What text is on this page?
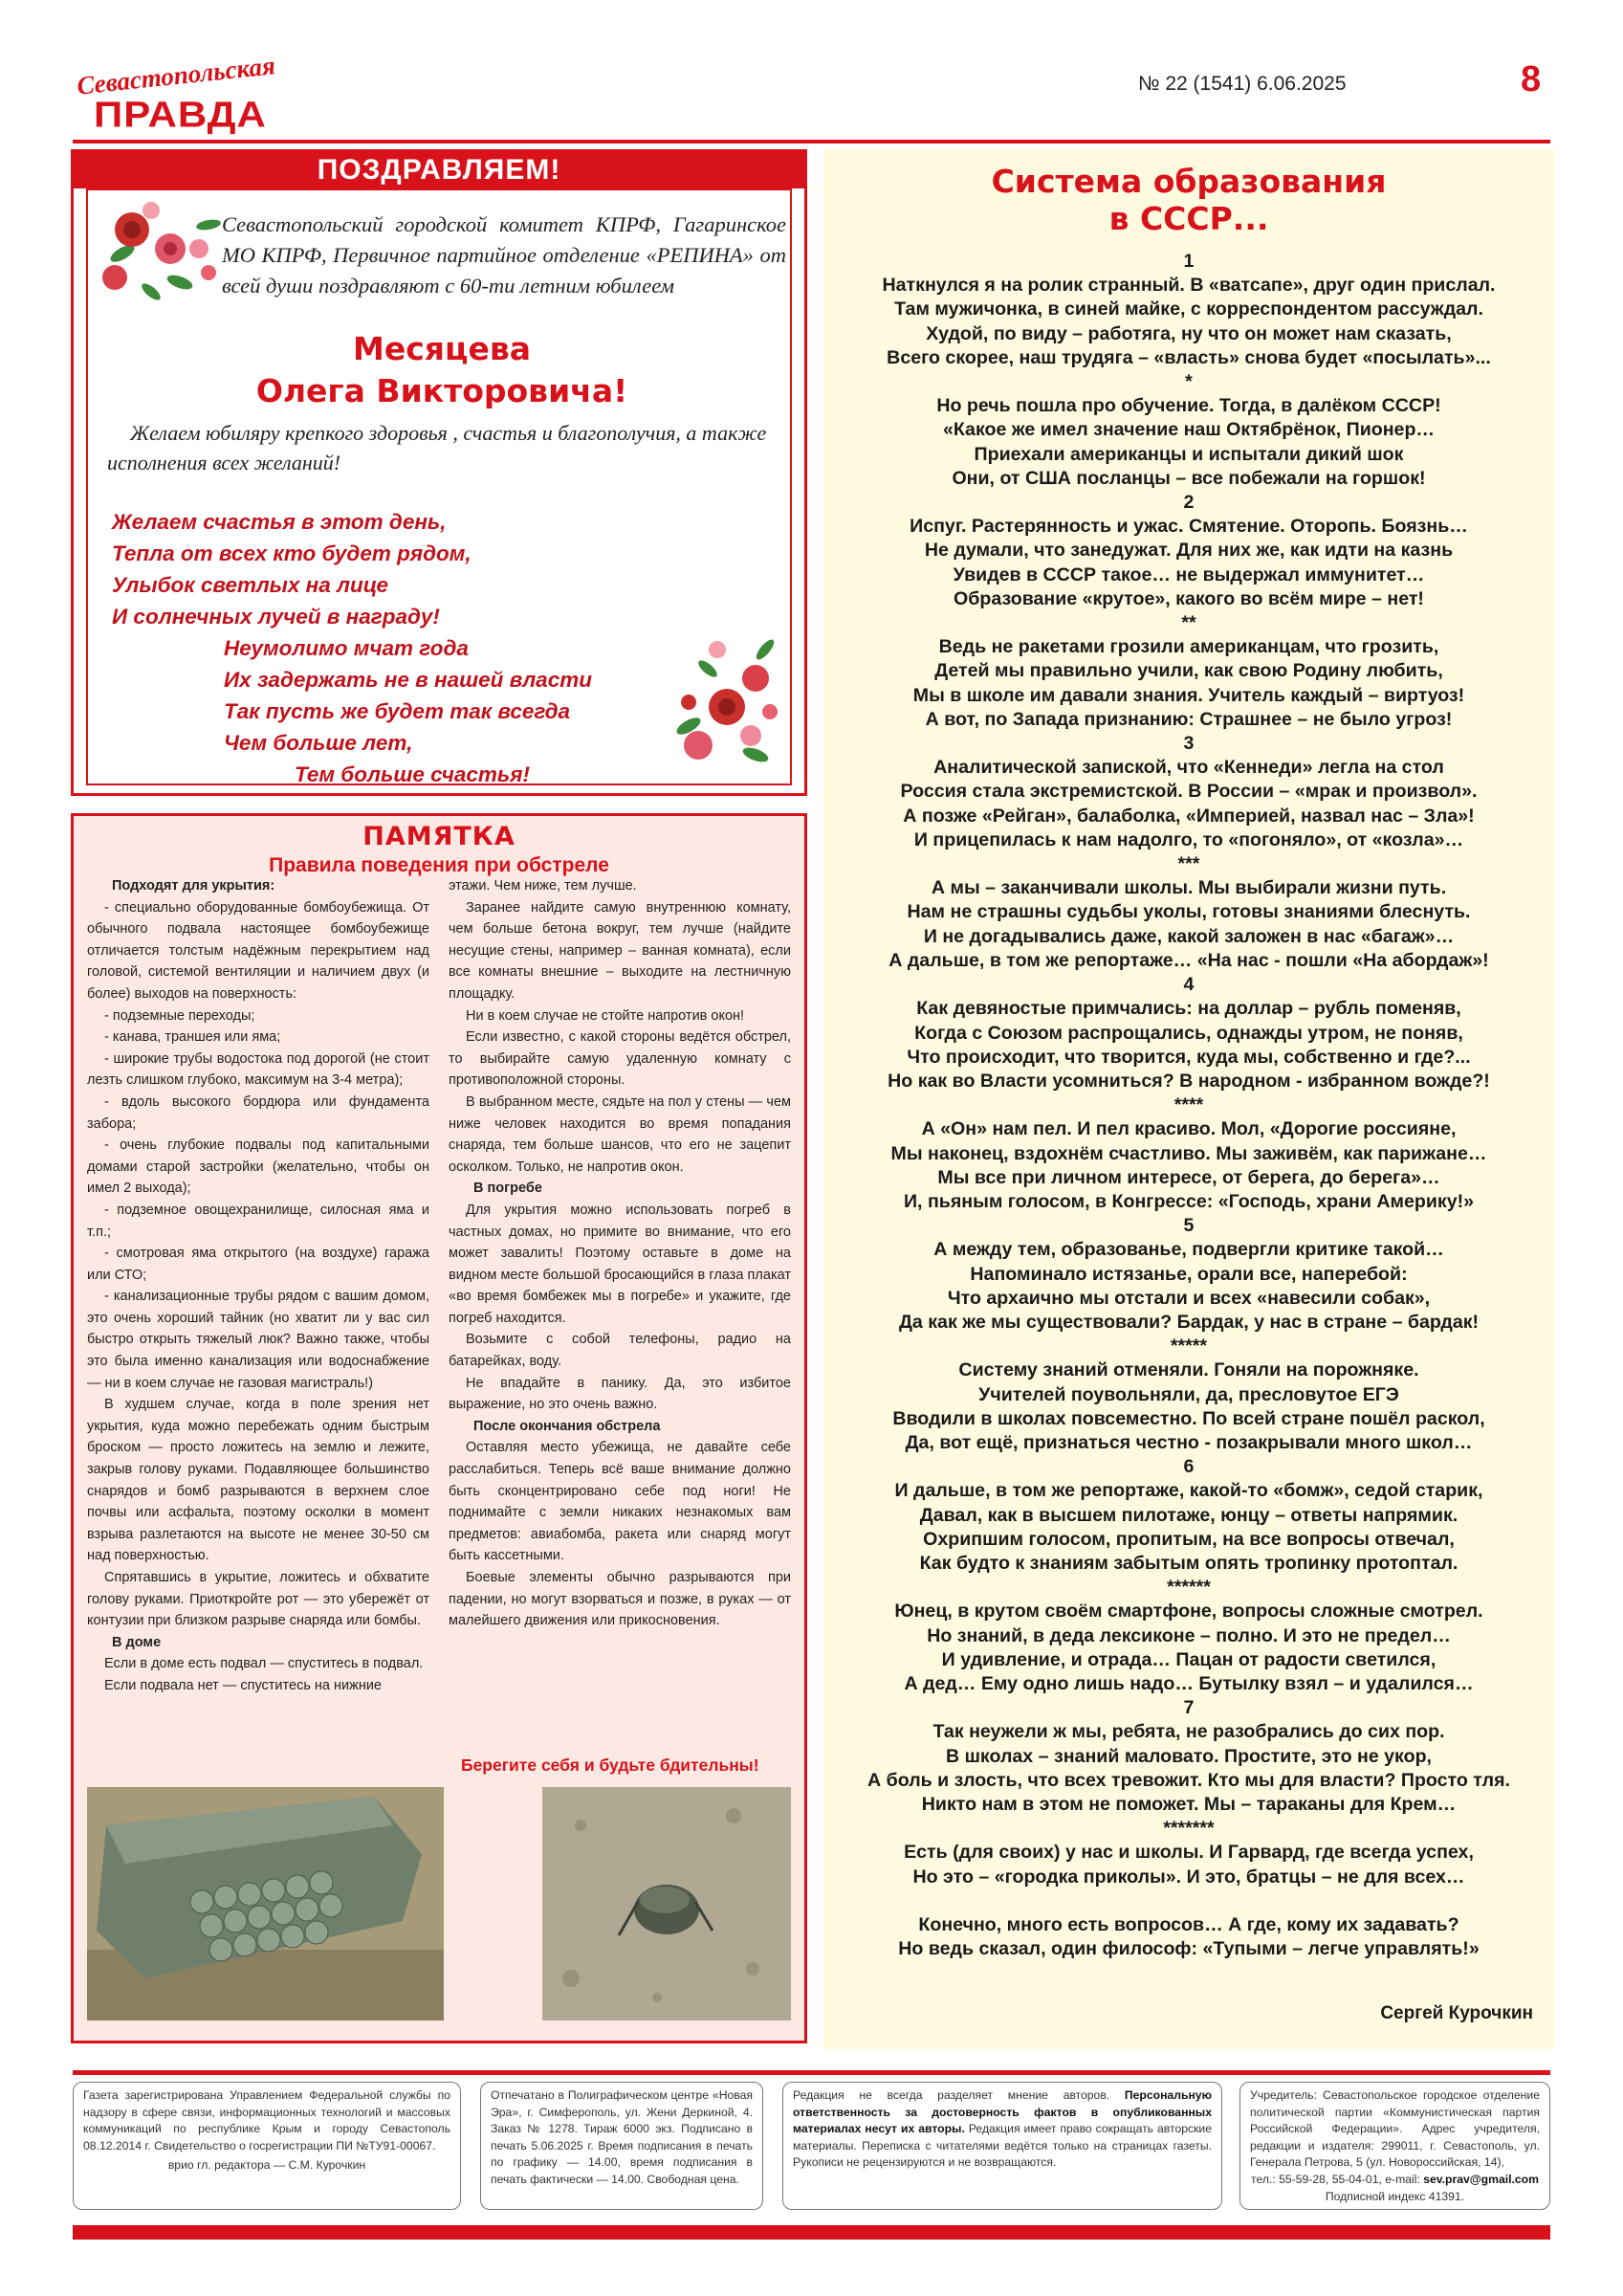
Севастопольская
ПРАВДА
№ 22 (1541) 6.06.2025	8
ПОЗДРАВЛЯЕМ!
Севастопольский городской комитет КПРФ, Гагаринское МО КПРФ, Первичное партийное отделение «РЕПИНА» от всей души поздравляют с 60-ти летним юбилеем
Месяцева
Олега Викторовича!
Желаем юбиляру крепкого здоровья , счастья и благополучия, а также исполнения всех желаний!
Желаем счастья в этот день,
Тепла от всех кто будет рядом,
Улыбок светлых на лице
И солнечных лучей в награду!
Неумолимо мчат года
Их задержать не в нашей власти
Так пусть же будет так всегда
Чем больше лет,
Тем больше счастья!
ПАМЯТКА
Правила поведения при обстреле

Подходят для укрытия:

- специально оборудованные бомбоубежища. От обычного подвала настоящее бомбоубежище отличается толстым надёжным перекрытием над головой, системой вентиляции и наличием двух (и более) выходов на поверхность:

- подземные переходы;

- канава, траншея или яма;

- широкие трубы водостока под дорогой (не стоит лезть слишком глубоко, максимум на 3-4 метра);

- вдоль высокого бордюра или фундамента забора;

- очень глубокие подвалы под капитальными домами старой застройки (желательно, чтобы он имел 2 выхода);

- подземное овощехранилище, силосная яма и т.п.;

- смотровая яма открытого (на воздухе) гаража или СТО;

- канализационные трубы рядом с вашим домом, это очень хороший тайник (но хватит ли у вас сил быстро открыть тяжелый люк? Важно также, чтобы это была именно канализация или водоснабжение — ни в коем случае не газовая магистраль!)

В худшем случае, когда в поле зрения нет укрытия, куда можно перебежать одним быстрым броском — просто ложитесь на землю и лежите, закрыв голову руками. Подавляющее большинство снарядов и бомб разрываются в верхнем слое почвы или асфальта, поэтому осколки в момент взрыва разлетаются на высоте не менее 30-50 см над поверхностью.

Спрятавшись в укрытие, ложитесь и обхватите голову руками. Приоткройте рот — это убережёт от контузии при близком разрыве снаряда или бомбы.

В доме

Если в доме есть подвал — спуститесь в подвал.

Если подвала нет — спуститесь на нижние

этажи. Чем ниже, тем лучше.

Заранее найдите самую внутреннюю комнату, чем больше бетона вокруг, тем лучше (найдите несущие стены, например – ванная комната), если все комнаты внешние – выходите на лестничную площадку.

Ни в коем случае не стойте напротив окон!

Если известно, с какой стороны ведётся обстрел, то выбирайте самую удаленную комнату с противоположной стороны.

В выбранном месте, сядьте на пол у стены — чем ниже человек находится во время попадания снаряда, тем больше шансов, что его не зацепит осколком. Только, не напротив окон.

В погребе

Для укрытия можно использовать погреб в частных домах, но примите во внимание, что его может завалить! Поэтому оставьте в доме на видном месте большой бросающийся в глаза плакат «во время бомбежек мы в погребе» и укажите, где погреб находится.

Возьмите с собой телефоны, радио на батарейках, воду.

Не впадайте в панику. Да, это избитое выражение, но это очень важно.

После окончания обстрела

Оставляя место убежища, не давайте себе расслабиться. Теперь всё ваше внимание должно быть сконцентрировано себе под ноги! Не поднимайте с земли никаких незнакомых вам предметов: авиабомба, ракета или снаряд могут быть кассетными.

Боевые элементы обычно разрываются при падении, но могут взорваться и позже, в руках — от малейшего движения или прикосновения.

Берегите себя и будьте бдительны!
Система образования
в СССР...
1
Наткнулся я на ролик странный. В «ватсапе», друг один прислал.
Там мужичонка, в синей майке, с корреспондентом рассуждал.
Худой, по виду – работяга, ну что он может нам сказать,
Всего скорее, наш трудяга – «власть» снова будет «посылать»...
*
Но речь пошла про обучение. Тогда, в далёком СССР!
«Какое же имел значение наш Октябрёнок, Пионер…
Приехали американцы и испытали дикий шок
Они, от США посланцы – все побежали на горшок!
2
Испуг. Растерянность и ужас. Смятение. Оторопь. Боязнь…
Не думали, что занедужат. Для них же, как идти на казнь
Увидев в СССР такое… не выдержал иммунитет…
Образование «крутое», какого во всём мире – нет!
**
Ведь не ракетами грозили американцам, что грозить,
Детей мы правильно учили, как свою Родину любить,
Мы в школе им давали знания. Учитель каждый – виртуоз!
А вот, по Запада признанию: Страшнее – не было угроз!
3
Аналитической запиской, что «Кеннеди» легла на стол
Россия стала экстремистской. В России – «мрак и произвол».
А позже «Рейган», балаболка, «Империей, назвал нас – Зла»!
И прицепилась к нам надолго, то «погоняло», от «козла»…
***
А мы – заканчивали школы. Мы выбирали жизни путь.
Нам не страшны судьбы уколы, готовы знаниями блеснуть.
И не догадывались даже, какой заложен в нас «багаж»…
А дальше, в том же репортаже… «На нас - пошли «На абордаж»!
4
Как девяностые примчались: на доллар – рубль поменяв,
Когда с Союзом распрощались, однажды утром, не поняв,
Что происходит, что творится, куда мы, собственно и где?...
Но как во Власти усомниться? В народном - избранном вожде?!
****
А «Он» нам пел. И пел красиво. Мол, «Дорогие россияне,
Мы наконец, вздохнём счастливо. Мы заживём, как парижане…
Мы все при личном интересе, от берега, до берега»…
И, пьяным голосом, в Конгрессе: «Господь, храни Америку!»
5
А между тем, образованье, подвергли критике такой…
Напоминало истязанье, орали все, наперебой:
Что архаично мы отстали и всех «навесили собак»,
Да как же мы существовали? Бардак, у нас в стране – бардак!
*****
Систему знаний отменяли. Гоняли на порожняке.
Учителей поувольняли, да, пресловутое ЕГЭ
Вводили в школах повсеместно. По всей стране пошёл раскол,
Да, вот ещё, признаться честно - позакрывали много школ…
6
И дальше, в том же репортаже, какой-то «бомж», седой старик,
Давал, как в высшем пилотаже, юнцу – ответы напрямик.
Охрипшим голосом, пропитым, на все вопросы отвечал,
Как будто к знаниям забытым опять тропинку протоптал.
******
Юнец, в крутом своём смартфоне, вопросы сложные смотрел.
Но знаний, в деда лексиконе – полно. И это не предел…
И удивление, и отрада… Пацан от радости светился,
А дед… Ему одно лишь надо… Бутылку взял – и удалился…
7
Так неужели ж мы, ребята, не разобрались до сих пор.
В школах – знаний маловато. Простите, это не укор,
А боль и злость, что всех тревожит. Кто мы для власти? Просто тля.
Никто нам в этом не поможет. Мы – тараканы для Крем…
*******
Есть (для своих) у нас и школы. И Гарвард, где всегда успех,
Но это – «городка приколы». И это, братцы – не для всех…
Конечно, много есть вопросов… А где, кому их задавать?
Но ведь сказал, один философ: «Тупыми – легче управлять!»
Сергей Курочкин
Газета зарегистрирована Управлением Федеральной службы по надзору в сфере связи, информационных технологий и массовых коммуникаций по республике Крым и городу Севастополь 08.12.2014 г. Свидетельство о госрегистрации ПИ №ТУ91-00067.
врио гл. редактора — С.М. Курочкин
Отпечатано в Полиграфическом центре «Новая Эра», г. Симферополь, ул. Жени Деркиной, 4. Заказ № 1278. Тираж 6000 экз. Подписано в печать 5.06.2025 г. Время подписания в печать по графику — 14.00, время подписания в печать фактически — 14.00. Свободная цена.
Редакция не всегда разделяет мнение авторов. Персональную ответственность за достоверность фактов в опубликованных материалах несут их авторы. Редакция имеет право сокращать авторские материалы. Переписка с читателями ведётся только на страницах газеты. Рукописи не рецензируются и не возвращаются.
Учредитель: Севастопольское городское отделение политической партии «Коммунистическая партия Российской Федерации». Адрес учредителя, редакции и издателя: 299011, г. Севастополь, ул. Генерала Петрова, 5 (ул. Новороссийская, 14),
тел.: 55-59-28, 55-04-01, e-mail: sev.prav@gmail.com
Подписной индекс 41391.
